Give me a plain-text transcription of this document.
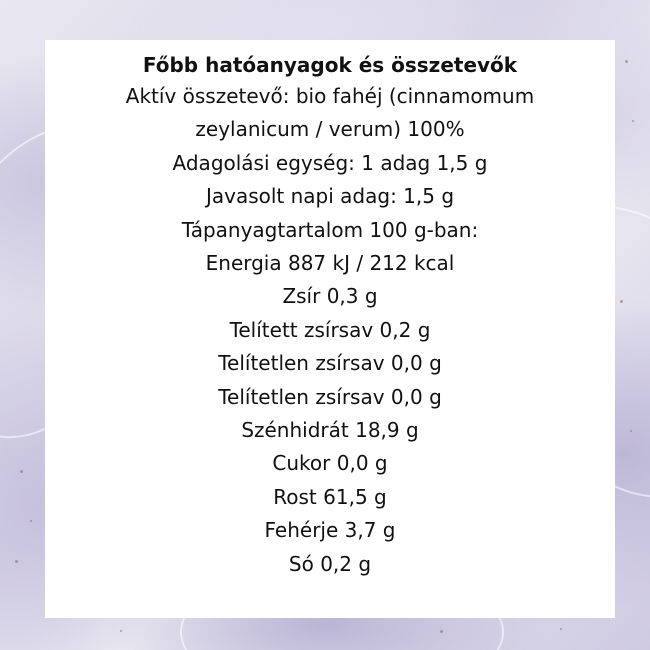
Főbb hatóanyagok és összetevők
Aktív összetevő: bio fahéj (cinnamomum
zeylanicum / verum) 100%
Adagolási egység: 1 adag 1,5 g
Javasolt napi adag: 1,5 g
Tápanyagtartalom 100 g-ban:
Energia 887 kJ / 212 kcal
Zsír 0,3 g
Telített zsírsav 0,2 g
Telítetlen zsírsav 0,0 g
Telítetlen zsírsav 0,0 g
Szénhidrát 18,9 g
Cukor 0,0 g
Rost 61,5 g
Fehérje 3,7 g
Só 0,2 g
